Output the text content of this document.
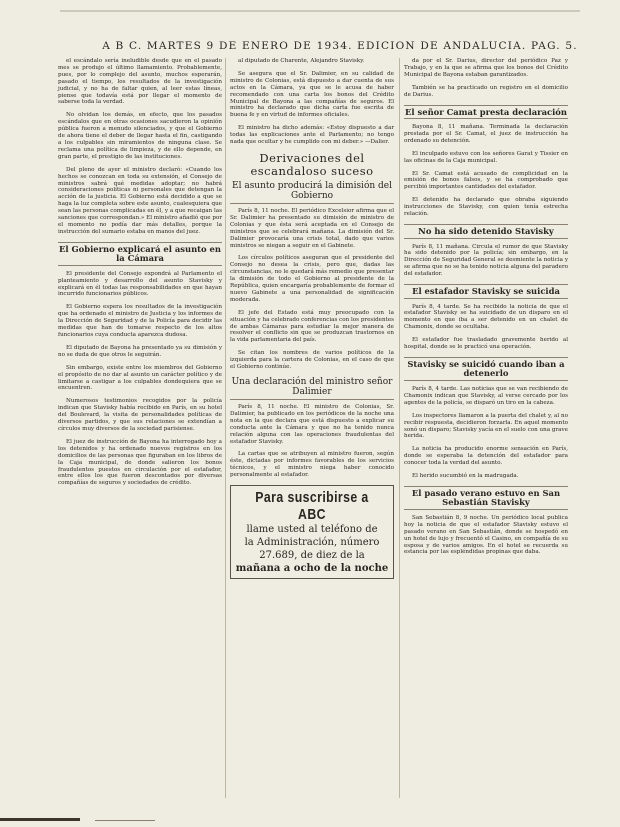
A B C. MARTES 9 DE ENERO DE 1934. EDICION DE ANDALUCIA. PAG. 5.

el escándalo sería ineludible desde que en el pasado mes se produjo el último llamamiento. Probablemente, pues, por lo complejo del asunto, muchos esperarán, pasado el tiempo, los resultados de la investigación judicial, y no ha de faltar quien, al leer estas líneas, piense que todavía está por llegar el momento de saberse toda la verdad.

No olvidan los demás, en efecto, que los pasados escándalos que en otras ocasiones sacudieron la opinión pública fueron a menudo silenciados, y que el Gobierno de ahora tiene el deber de llegar hasta el fin, castigando a los culpables sin miramientos de ninguna clase. Se reclama una política de limpieza, y de ello depende, en gran parte, el prestigio de las instituciones.

Del pleno de ayer el ministro declaró: «Cuando los hechos se conozcan en toda su extensión, el Consejo de ministros sabrá qué medidas adoptar; no habrá consideraciones políticas ni personales que detengan la acción de la justicia. El Gobierno está decidido a que se haga la luz completa sobre este asunto, cualesquiera que sean las personas complicadas en él, y a que recaigan las sanciones que correspondan.» El ministro añadió que por el momento no podía dar más detalles, porque la instrucción del sumario estaba en manos del juez.

El Gobierno explicará el asunto en la Cámara

El presidente del Consejo expondrá al Parlamento el planteamiento y desarrollo del asunto Stavisky y explicará en él todas las responsabilidades en que hayan incurrido funcionarios públicos.

El Gobierno espera los resultados de la investigación que ha ordenado el ministro de Justicia y los informes de la Dirección de Seguridad y de la Policía para decidir las medidas que han de tomarse respecto de los altos funcionarios cuya conducta aparezca dudosa.

El diputado de Bayona ha presentado ya su dimisión y no se duda de que otros le seguirán.

Sin embargo, existe entre los miembros del Gobierno el propósito de no dar al asunto un carácter político y de limitarse a castigar a los culpables dondequiera que se encuentren.

Numerosos testimonios recogidos por la policía indican que Stavisky había recibido en París, en su hotel del Boulevard, la visita de personalidades políticas de diversos partidos, y que sus relaciones se extendían a círculos muy diversos de la sociedad parisiense.

El juez de instrucción de Bayona ha interrogado hoy a los detenidos y ha ordenado nuevos registros en los domicilios de las personas que figuraban en los libros de la Caja municipal, de donde salieron los bonos fraudulentos puestos en circulación por el estafador, entre ellos los que fueron descontados por diversas compañías de seguros y sociedades de crédito.

al diputado de Charente, Alejandro Stavisky.

Se asegura que el Sr. Dalimier, en su calidad de ministro de Colonias, está dispuesto a dar cuenta de sus actos en la Cámara, ya que se le acusa de haber recomendado con una carta los bonos del Crédito Municipal de Bayona a las compañías de seguros. El ministro ha declarado que dicha carta fue escrita de buena fe y en virtud de informes oficiales.

El ministro ha dicho además: «Estoy dispuesto a dar todas las explicaciones ante el Parlamento; no tengo nada que ocultar y he cumplido con mi deber.» —Dalier.

Derivaciones del escandaloso suceso
El asunto producirá la dimisión del Gobierno

París 8, 11 noche. El periódico Excelsior afirma que el Sr. Dalimier ha presentado su dimisión de ministro de Colonias y que ésta será aceptada en el Consejo de ministros que se celebrará mañana. La dimisión del Sr. Dalimier provocaría una crisis total, dado que varios ministros se niegan a seguir en el Gabinete.

Los círculos políticos aseguran que el presidente del Consejo no desea la crisis, pero que, dadas las circunstancias, no le quedará más remedio que presentar la dimisión de todo el Gobierno al presidente de la República, quien encargaría probablemente de formar el nuevo Gabinete a una personalidad de significación moderada.

El jefe del Estado está muy preocupado con la situación y ha celebrado conferencias con los presidentes de ambas Cámaras para estudiar la mejor manera de resolver el conflicto sin que se produzcan trastornos en la vida parlamentaria del país.

Se citan los nombres de varios políticos de la izquierda para la cartera de Colonias, en el caso de que el Gobierno continúe.

Una declaración del ministro señor Dalimier

París 8, 11 noche. El ministro de Colonias, Sr. Dalimier, ha publicado en los periódicos de la noche una nota en la que declara que está dispuesto a explicar su conducta ante la Cámara y que no ha tenido nunca relación alguna con las operaciones fraudulentas del estafador Stavisky.

La cartas que se atribuyen al ministro fueron, según éste, dictadas por informes favorables de los servicios técnicos, y el ministro niega haber conocido personalmente al estafador.

Para suscribirse a ABC
llame usted al teléfono de
la Administración, número
27.689, de diez de la
mañana a ocho de la noche

da por el Sr. Darius, director del periódico Paz y Trabajo, y en la que se afirma que los bonos del Crédito Municipal de Bayona estaban garantizados.

También se ha practicado un registro en el domicilio de Darius.

El señor Camat presta declaración

Bayona 8, 11 mañana. Terminada la declaración prestada por el Sr. Camat, el juez de instrucción ha ordenado su detención.

El inculpado estuvo con los señores Garat y Tissier en las oficinas de la Caja municipal.

El Sr. Camat está acusado de complicidad en la emisión de bonos falsos, y se ha comprobado que percibió importantes cantidades del estafador.

El detenido ha declarado que obraba siguiendo instrucciones de Stavisky, con quien tenía estrecha relación.

No ha sido detenido Stavisky

París 8, 11 mañana. Circula el rumor de que Stavisky ha sido detenido por la policía; sin embargo, en la Dirección de Seguridad General se desmiente la noticia y se afirma que no se ha tenido noticia alguna del paradero del estafador.

El estafador Stavisky se suicida

París 8, 4 tarde. Se ha recibido la noticia de que el estafador Stavisky se ha suicidado de un disparo en el momento en que iba a ser detenido en un chalet de Chamonix, donde se ocultaba.

El estafador fue trasladado gravemente herido al hospital, donde se le practicó una operación.

Stavisky se suicidó cuando iban a detenerlo

París 8, 4 tarde. Las noticias que se van recibiendo de Chamonix indican que Stavisky, al verse cercado por los agentes de la policía, se disparó un tiro en la cabeza.

Los inspectores llamaron a la puerta del chalet y, al no recibir respuesta, decidieron forzarla. En aquel momento sonó un disparo; Stavisky yacía en el suelo con una grave herida.

La noticia ha producido enorme sensación en París, donde se esperaba la detención del estafador para conocer toda la verdad del asunto.

El herido sucumbió en la madrugada.

El pasado verano estuvo en San Sebastián Stavisky

San Sebastián 8, 9 noche. Un periódico local publica hoy la noticia de que el estafador Stavisky estuvo el pasado verano en San Sebastián, donde se hospedó en un hotel de lujo y frecuentó el Casino, en compañía de su esposa y de varios amigos. En el hotel se recuerda su estancia por las espléndidas propinas que daba.
